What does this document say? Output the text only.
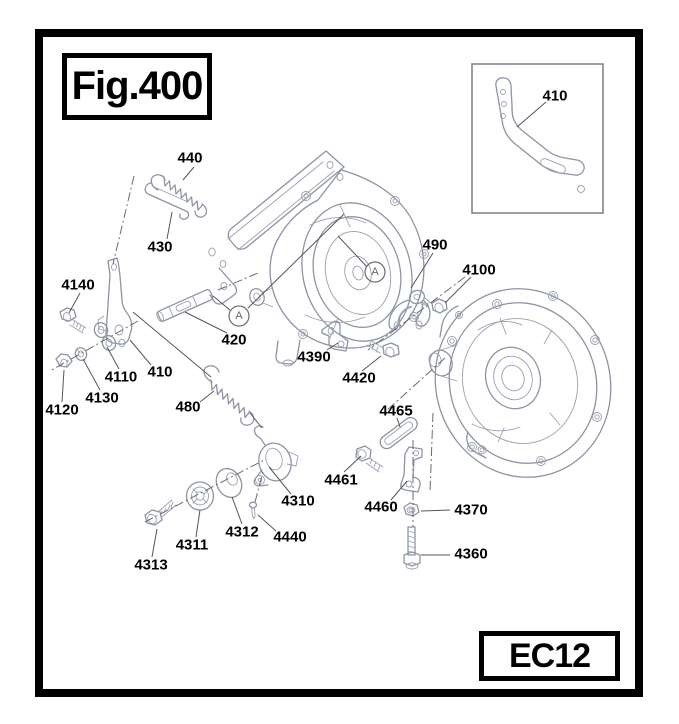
A
A
440
430
4140
4110 410
4130
4120	480
420
4390
4420
490
4100
4465
4461
4460	4370
4360
4310
4312 4440
4311
4313
410
Fig.400
EC12
